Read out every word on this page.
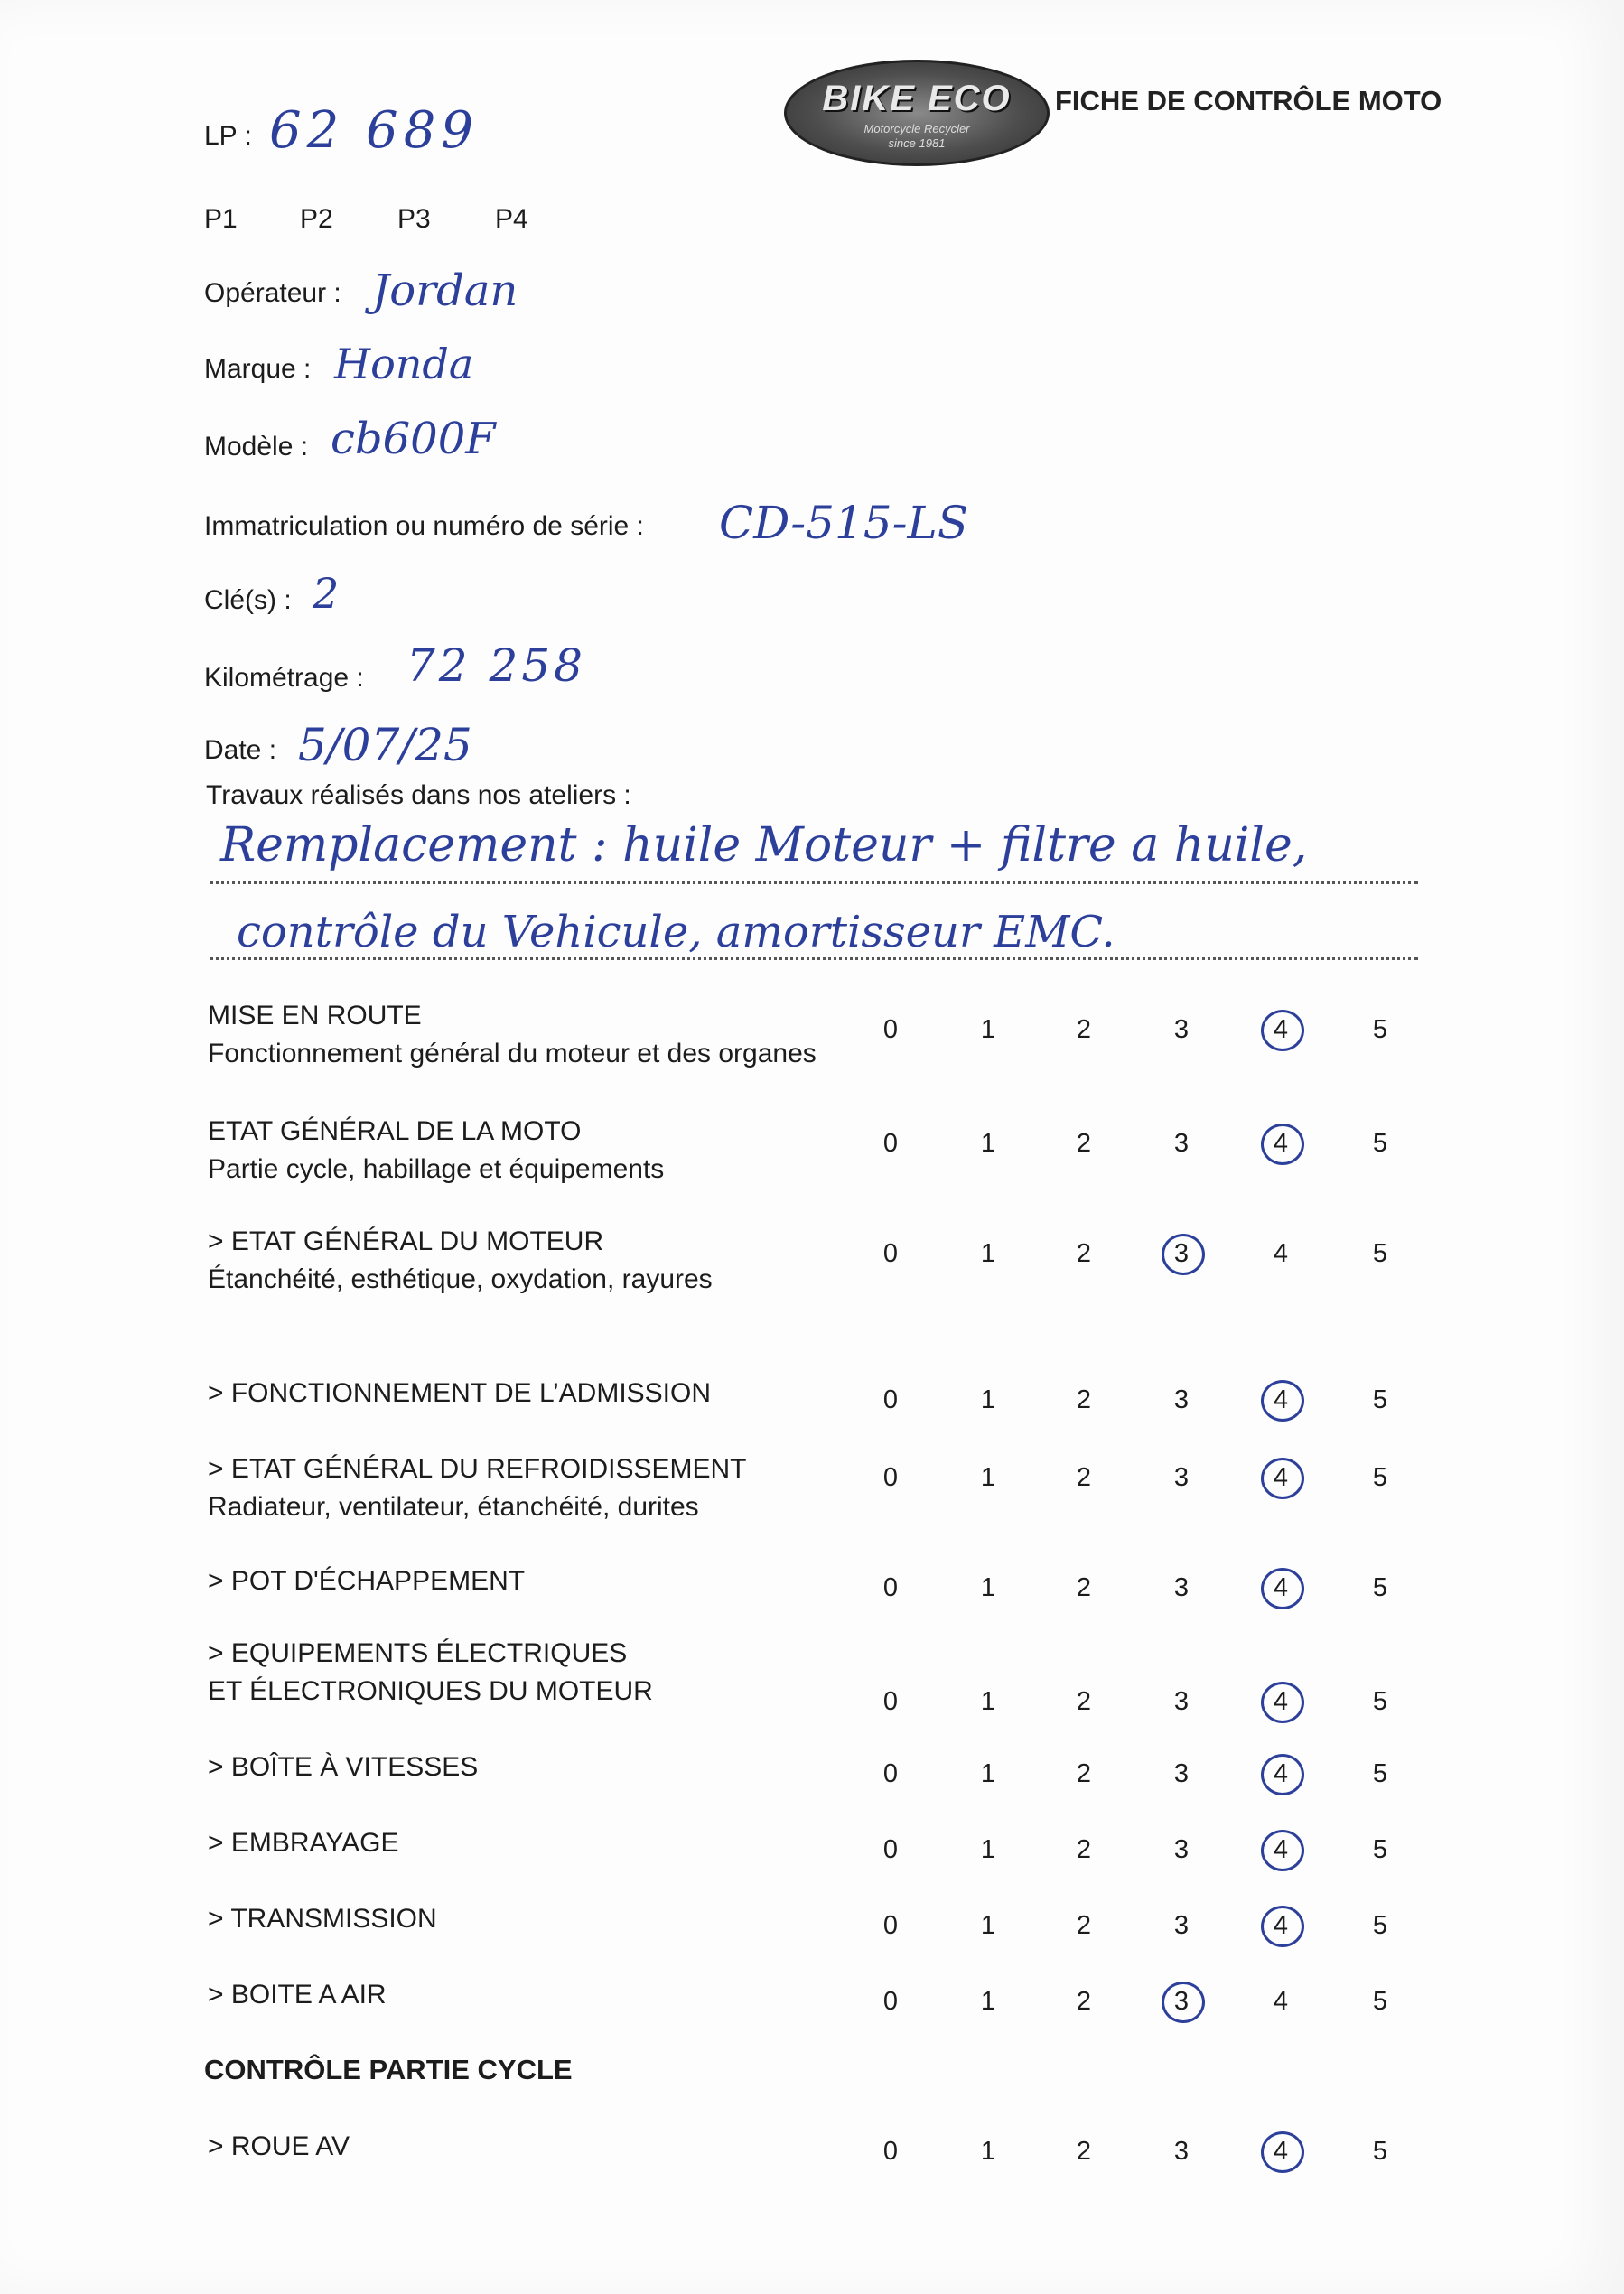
BIKE ECO
Motorcycle Recycler
since 1981
FICHE DE CONTRÔLE MOTO
LP : 62 689
P1 P2 P3 P4
Opérateur : Jordan
Marque : Honda
Modèle : cb600F
Immatriculation ou numéro de série : CD-515-LS
Clé(s) : 2
Kilométrage : 72 258
Date : 5/07/25
Travaux réalisés dans nos ateliers :
Remplacement : huile Moteur + filtre a huile,
contrôle du Vehicule, amortisseur EMC.
MISE EN ROUTE
Fonctionnement général du moteur et des organes
0	1	2	3	4	5
ETAT GÉNÉRAL DE LA MOTO
Partie cycle, habillage et équipements
0	1	2	3	4	5
> ETAT GÉNÉRAL DU MOTEUR
Étanchéité, esthétique, oxydation, rayures
0	1	2	3	4	5
> FONCTIONNEMENT DE L’ADMISSION	0	1	2	3	4	5
> ETAT GÉNÉRAL DU REFROIDISSEMENT
Radiateur, ventilateur, étanchéité, durites
0	1	2	3	4	5
> POT D'ÉCHAPPEMENT	0	1	2	3	4	5
> EQUIPEMENTS ÉLECTRIQUES
ET ÉLECTRONIQUES DU MOTEUR	0	1	2	3	4	5
> BOÎTE À VITESSES	0	1	2	3	4	5
> EMBRAYAGE	0	1	2	3	4	5
> TRANSMISSION	0	1	2	3	4	5
> BOITE A AIR	0	1	2	3	4	5
CONTRÔLE PARTIE CYCLE
> ROUE AV	0	1	2	3	4	5
